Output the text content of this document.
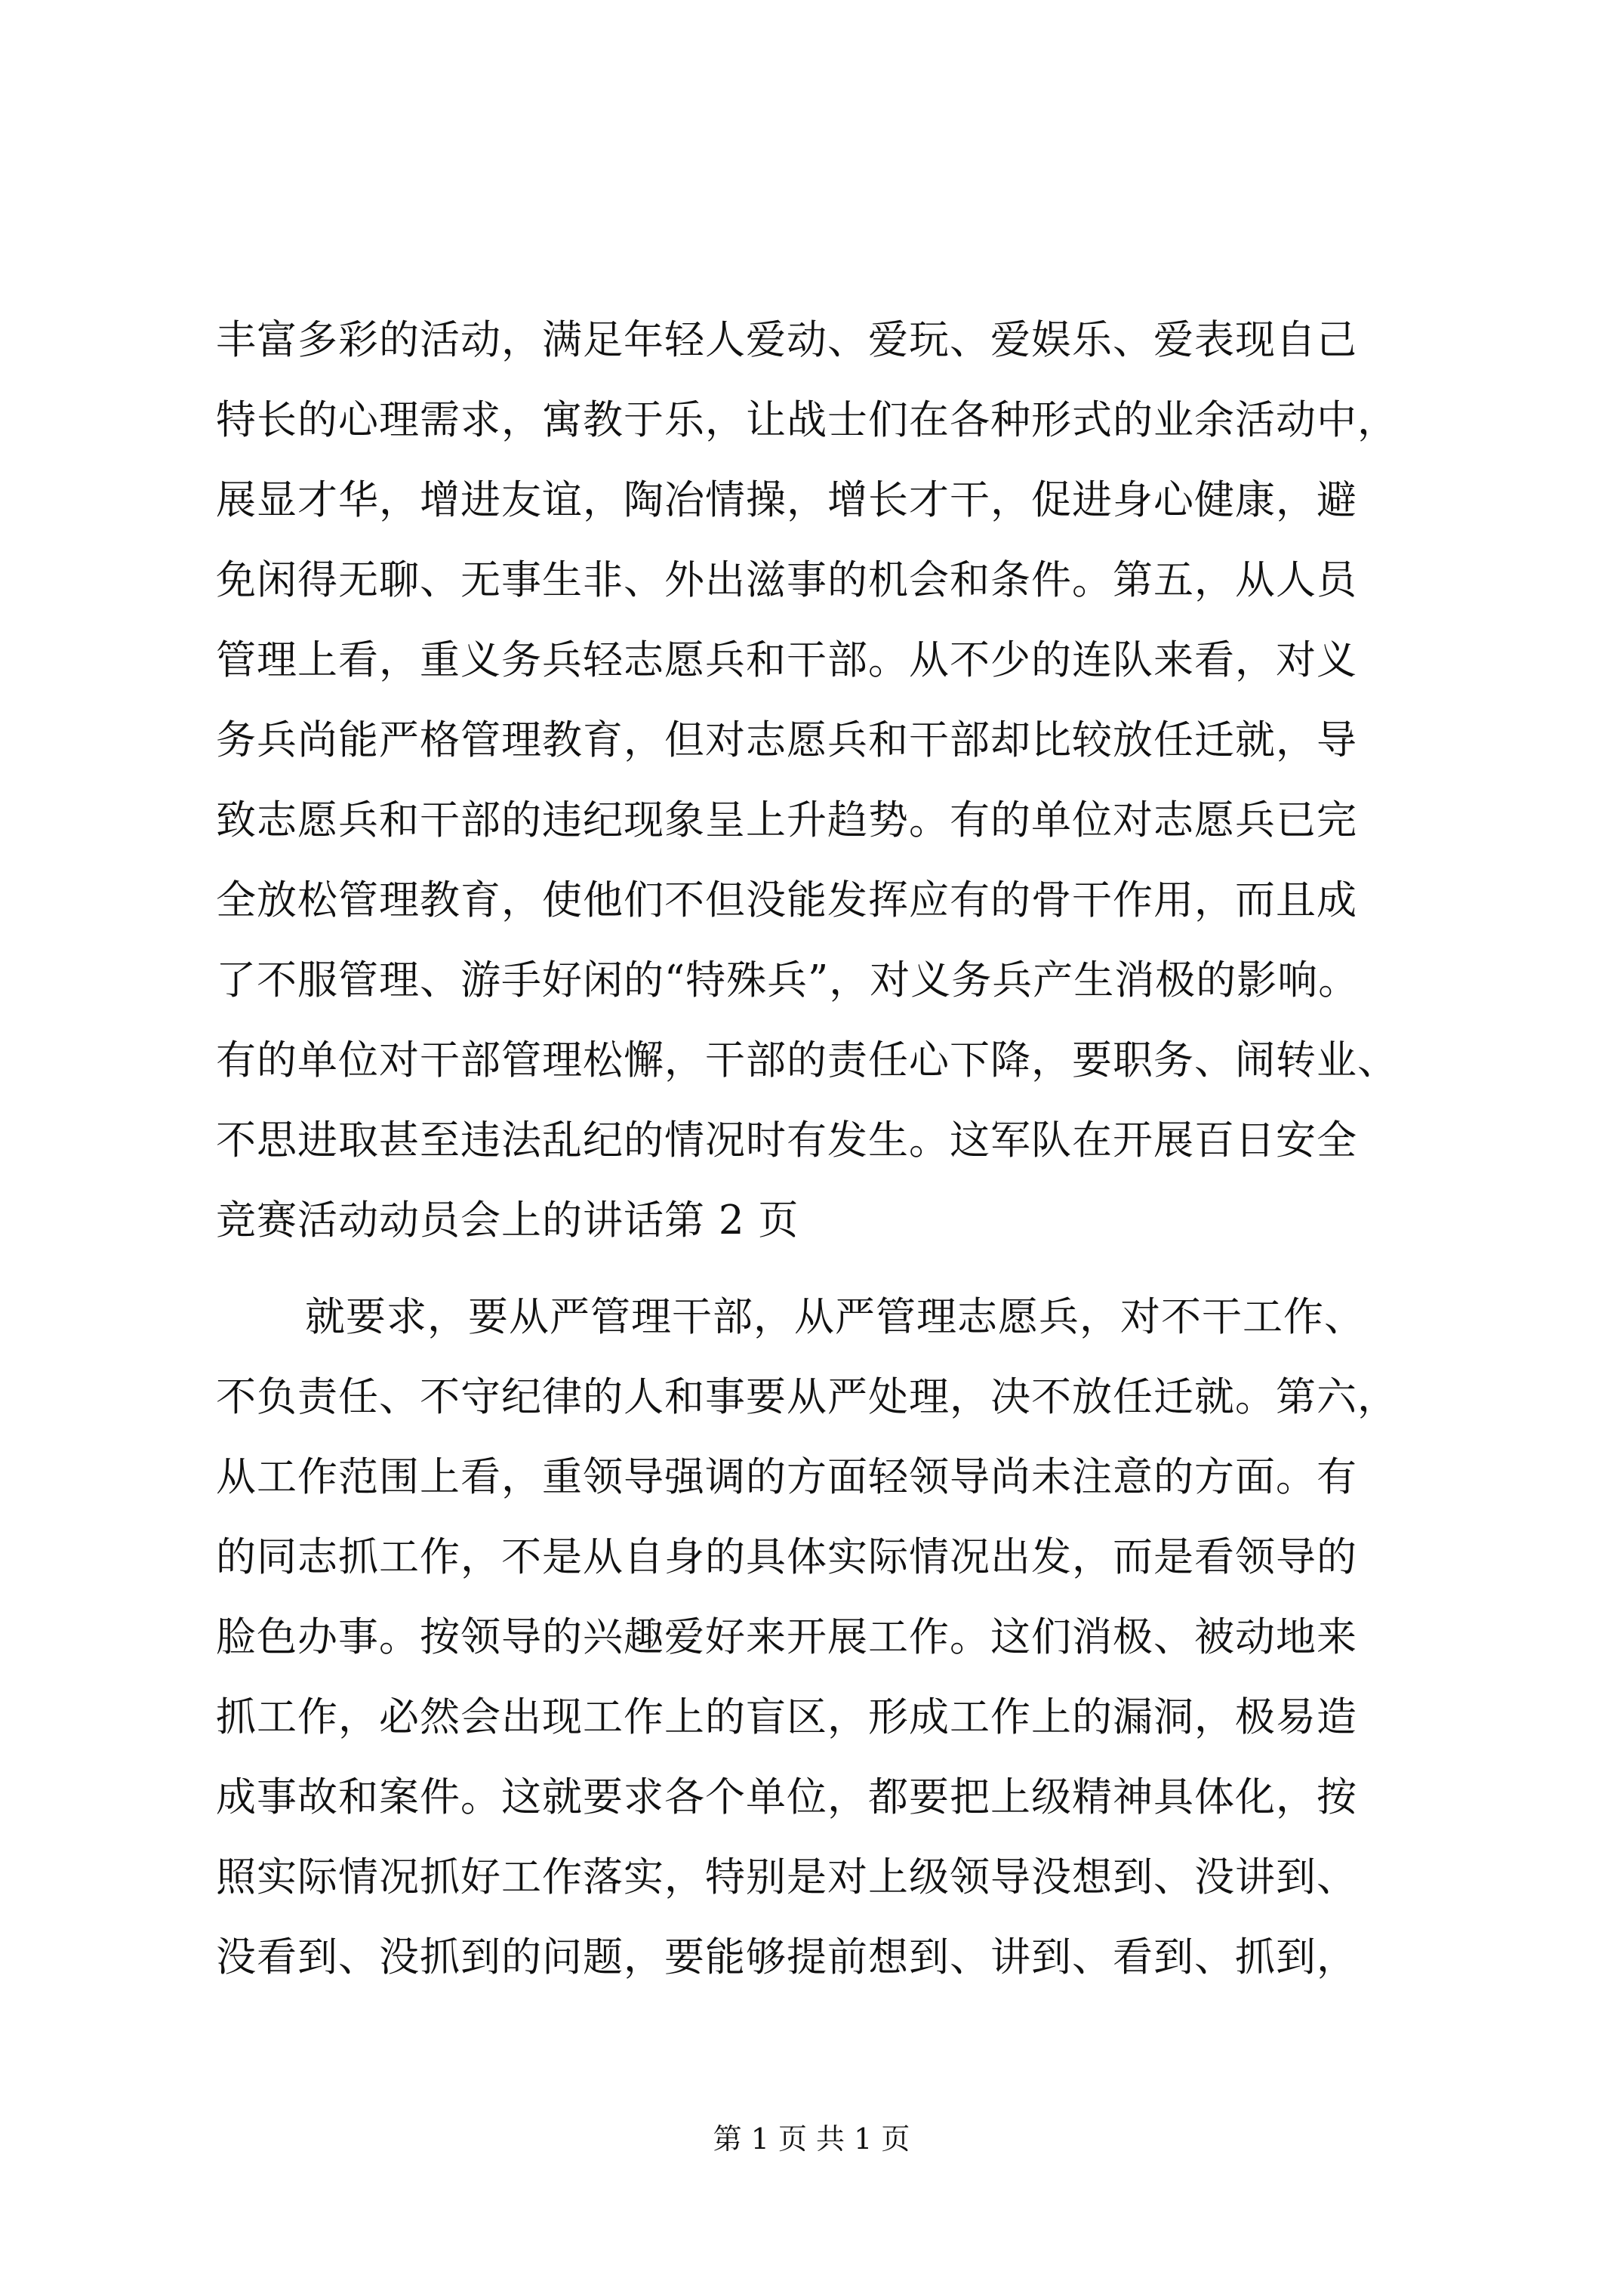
丰富多彩的活动，满足年轻人爱动、爱玩、爱娱乐、爱表现自己
特长的心理需求，寓教于乐，让战士们在各种形式的业余活动中，
展显才华，增进友谊，陶冶情操，增长才干，促进身心健康，避
免闲得无聊、无事生非、外出滋事的机会和条件。第五，从人员
管理上看，重义务兵轻志愿兵和干部。从不少的连队来看，对义
务兵尚能严格管理教育，但对志愿兵和干部却比较放任迁就，导
致志愿兵和干部的违纪现象呈上升趋势。有的单位对志愿兵已完
全放松管理教育，使他们不但没能发挥应有的骨干作用，而且成
了不服管理、游手好闲的“特殊兵”，对义务兵产生消极的影响。
有的单位对干部管理松懈，干部的责任心下降，要职务、闹转业、
不思进取甚至违法乱纪的情况时有发生。这军队在开展百日安全
竞赛活动动员会上的讲话第 2 页
就要求，要从严管理干部，从严管理志愿兵，对不干工作、
不负责任、不守纪律的人和事要从严处理，决不放任迁就。第六，
从工作范围上看，重领导强调的方面轻领导尚未注意的方面。有
的同志抓工作，不是从自身的具体实际情况出发，而是看领导的
脸色办事。按领导的兴趣爱好来开展工作。这们消极、被动地来
抓工作，必然会出现工作上的盲区，形成工作上的漏洞，极易造
成事故和案件。这就要求各个单位，都要把上级精神具体化，按
照实际情况抓好工作落实，特别是对上级领导没想到、没讲到、
没看到、没抓到的问题，要能够提前想到、讲到、看到、抓到，
第 1 页 共 1 页
